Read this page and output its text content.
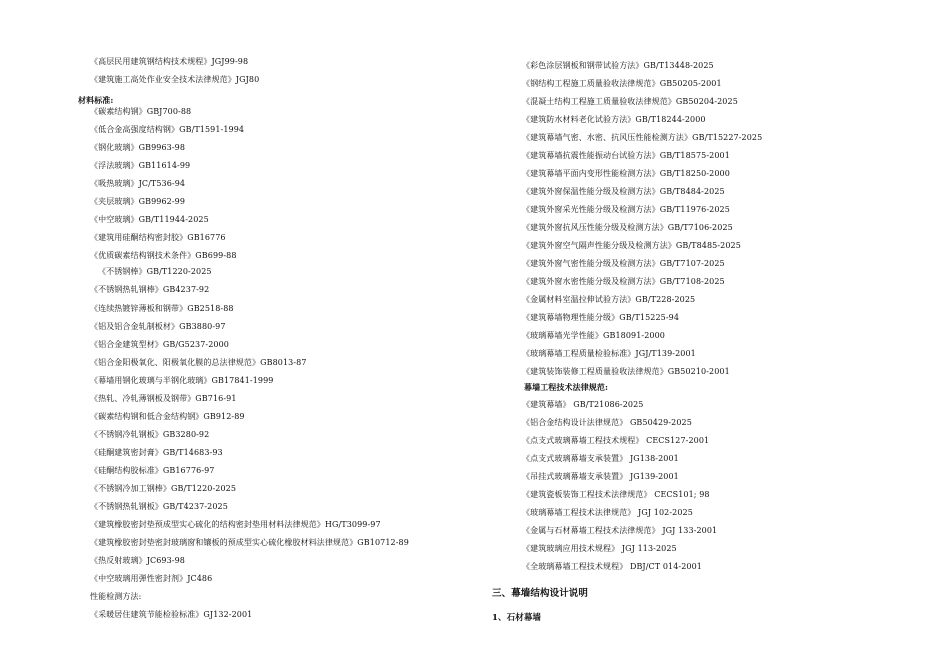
《高层民用建筑钢结构技术规程》JGJ99-98
《建筑施工高处作业安全技术法律规范》JGJ80
材料标准:
《碳素结构钢》GBJ700-88
《低合金高强度结构钢》GB/T1591-1994
《钢化玻璃》GB9963-98
《浮法玻璃》GB11614-99
《吸热玻璃》JC/T536-94
《夹层玻璃》GB9962-99
《中空玻璃》GB/T11944-2025
《建筑用硅酮结构密封胶》GB16776
《优质碳素结构钢技术条件》GB699-88
《不锈钢棒》GB/T1220-2025
《不锈钢热轧钢棒》GB4237-92
《连续热镀锌薄板和钢带》GB2518-88
《铝及铝合金轧制板材》GB3880-97
《铝合金建筑型材》GB/G5237-2000
《铝合金阳极氧化、阳极氧化膜的总法律规范》GB8013-87
《幕墙用钢化玻璃与半钢化玻璃》GB17841-1999
《热轧、冷轧薄钢板及钢带》GB716-91
《碳素结构钢和低合金结构钢》GB912-89
《不锈钢冷轧钢板》GB3280-92
《硅酮建筑密封膏》GB/T14683-93
《硅酮结构胶标准》GB16776-97
《不锈钢冷加工钢棒》GB/T1220-2025
《不锈钢热轧钢板》GB/T4237-2025
《建筑橡胶密封垫预成型实心硫化的结构密封垫用材料法律规范》HG/T3099-97
《建筑橡胶密封垫密封玻璃窗和镶板的预成型实心硫化橡胶材料法律规范》GB10712-89
《热反射玻璃》JC693-98
《中空玻璃用弹性密封剂》JC486
性能检测方法:
《采暖居住建筑节能检验标准》GJ132-2001
《彩色涂层钢板和钢带试验方法》GB/T13448-2025
《钢结构工程施工质量验收法律规范》GB50205-2001
《混凝土结构工程施工质量验收法律规范》GB50204-2025
《建筑防水材料老化试验方法》GB/T18244-2000
《建筑幕墙气密、水密、抗风压性能检测方法》GB/T15227-2025
《建筑幕墙抗震性能振动台试验方法》GB/T18575-2001
《建筑幕墙平面内变形性能检测方法》GB/T18250-2000
《建筑外窗保温性能分级及检测方法》GB/T8484-2025
《建筑外窗采光性能分级及检测方法》GB/T11976-2025
《建筑外窗抗风压性能分级及检测方法》GB/T7106-2025
《建筑外窗空气隔声性能分级及检测方法》GB/T8485-2025
《建筑外窗气密性能分级及检测方法》GB/T7107-2025
《建筑外窗水密性能分级及检测方法》GB/T7108-2025
《金属材料室温拉伸试验方法》GB/T228-2025
《建筑幕墙物理性能分级》GB/T15225-94
《玻璃幕墙光学性能》GB18091-2000
《玻璃幕墙工程质量检验标准》JGJ/T139-2001
《建筑装饰装修工程质量验收法律规范》GB50210-2001
幕墙工程技术法律规范:
《建筑幕墙》 GB/T21086-2025
《铝合金结构设计法律规范》 GB50429-2025
《点支式玻璃幕墙工程技术规程》 CECS127-2001
《点支式玻璃幕墙支承装置》 JG138-2001
《吊挂式玻璃幕墙支承装置》 JG139-2001
《建筑瓷板装饰工程技术法律规范》 CECS101; 98
《玻璃幕墙工程技术法律规范》 JGJ 102-2025
《金属与石材幕墙工程技术法律规范》 JGJ 133-2001
《建筑玻璃应用技术规程》 JGJ 113-2025
《全玻璃幕墙工程技术规程》 DBJ/CT 014-2001
三、幕墙结构设计说明
1、石材幕墙
